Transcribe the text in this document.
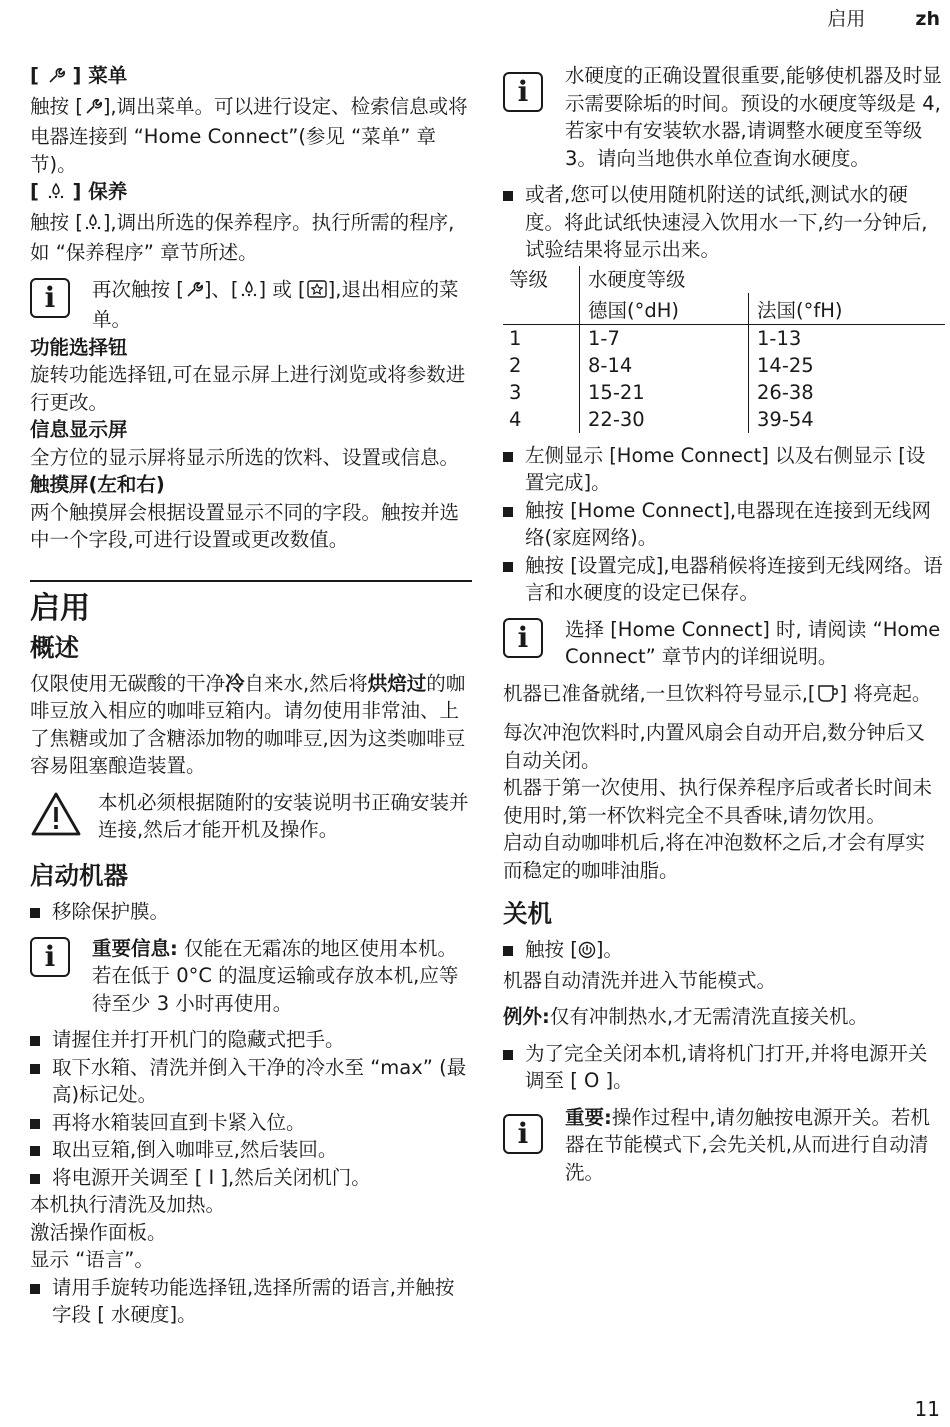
启用	zh

[  ] 菜单

触按 [ ],调出菜单。可以进行设定、检索信息或将电器连接到 “Home Connect”(参见 “菜单” 章节)。

[  ] 保养

触按 [ ],调出所选的保养程序。执行所需的程序,如 “保养程序” 章节所述。

i	再次触按 [ ]、[ ] 或 [ ],退出相应的菜单。

功能选择钮

旋转功能选择钮,可在显示屏上进行浏览或将参数进行更改。

信息显示屏

全方位的显示屏将显示所选的饮料、设置或信息。

触摸屏(左和右)

两个触摸屏会根据设置显示不同的字段。触按并选中一个字段,可进行设置或更改数值。

启用

概述

仅限使用无碳酸的干净冷自来水,然后将烘焙过的咖啡豆放入相应的咖啡豆箱内。请勿使用非常油、上了焦糖或加了含糖添加物的咖啡豆,因为这类咖啡豆容易阻塞酿造装置。

本机必须根据随附的安装说明书正确安装并连接,然后才能开机及操作。

启动机器

移除保护膜。
i	重要信息: 仅能在无霜冻的地区使用本机。若在低于 0°C 的温度运输或存放本机,应等待至少 3 小时再使用。
请握住并打开机门的隐藏式把手。
取下水箱、清洗并倒入干净的冷水至 “max” (最高)标记处。
再将水箱装回直到卡紧入位。
取出豆箱,倒入咖啡豆,然后装回。
将电源开关调至 [ I ],然后关闭机门。

本机执行清洗及加热。

激活操作面板。

显示 “语言”。

请用手旋转功能选择钮,选择所需的语言,并触按字段 [ 水硬度]。
i	水硬度的正确设置很重要,能够使机器及时显示需要除垢的时间。预设的水硬度等级是 4,若家中有安装软水器,请调整水硬度至等级 3。请向当地供水单位查询水硬度。
或者,您可以使用随机附送的试纸,测试水的硬度。将此试纸快速浸入饮用水一下,约一分钟后,试验结果将显示出来。
等级	水硬度等级	
	德国(°dH)	法国(°fH)
1	1-7	1-13
2	8-14	14-25
3	15-21	26-38
4	22-30	39-54
左侧显示 [Home Connect] 以及右侧显示 [设置完成]。
触按 [Home Connect],电器现在连接到无线网络(家庭网络)。
触按 [设置完成],电器稍候将连接到无线网络。语言和水硬度的设定已保存。
i	选择 [Home Connect] 时, 请阅读 “Home Connect” 章节内的详细说明。

机器已准备就绪,一旦饮料符号显示,[ ] 将亮起。

每次冲泡饮料时,内置风扇会自动开启,数分钟后又自动关闭。

机器于第一次使用、执行保养程序后或者长时间未使用时,第一杯饮料完全不具香味,请勿饮用。

启动自动咖啡机后,将在冲泡数杯之后,才会有厚实而稳定的咖啡油脂。

关机

触按 [ ]。

机器自动清洗并进入节能模式。

例外:仅有冲制热水,才无需清洗直接关机。

为了完全关闭本机,请将机门打开,并将电源开关调至 [ O ]。
i	重要:操作过程中,请勿触按电源开关。若机器在节能模式下,会先关机,从而进行自动清洗。
11
